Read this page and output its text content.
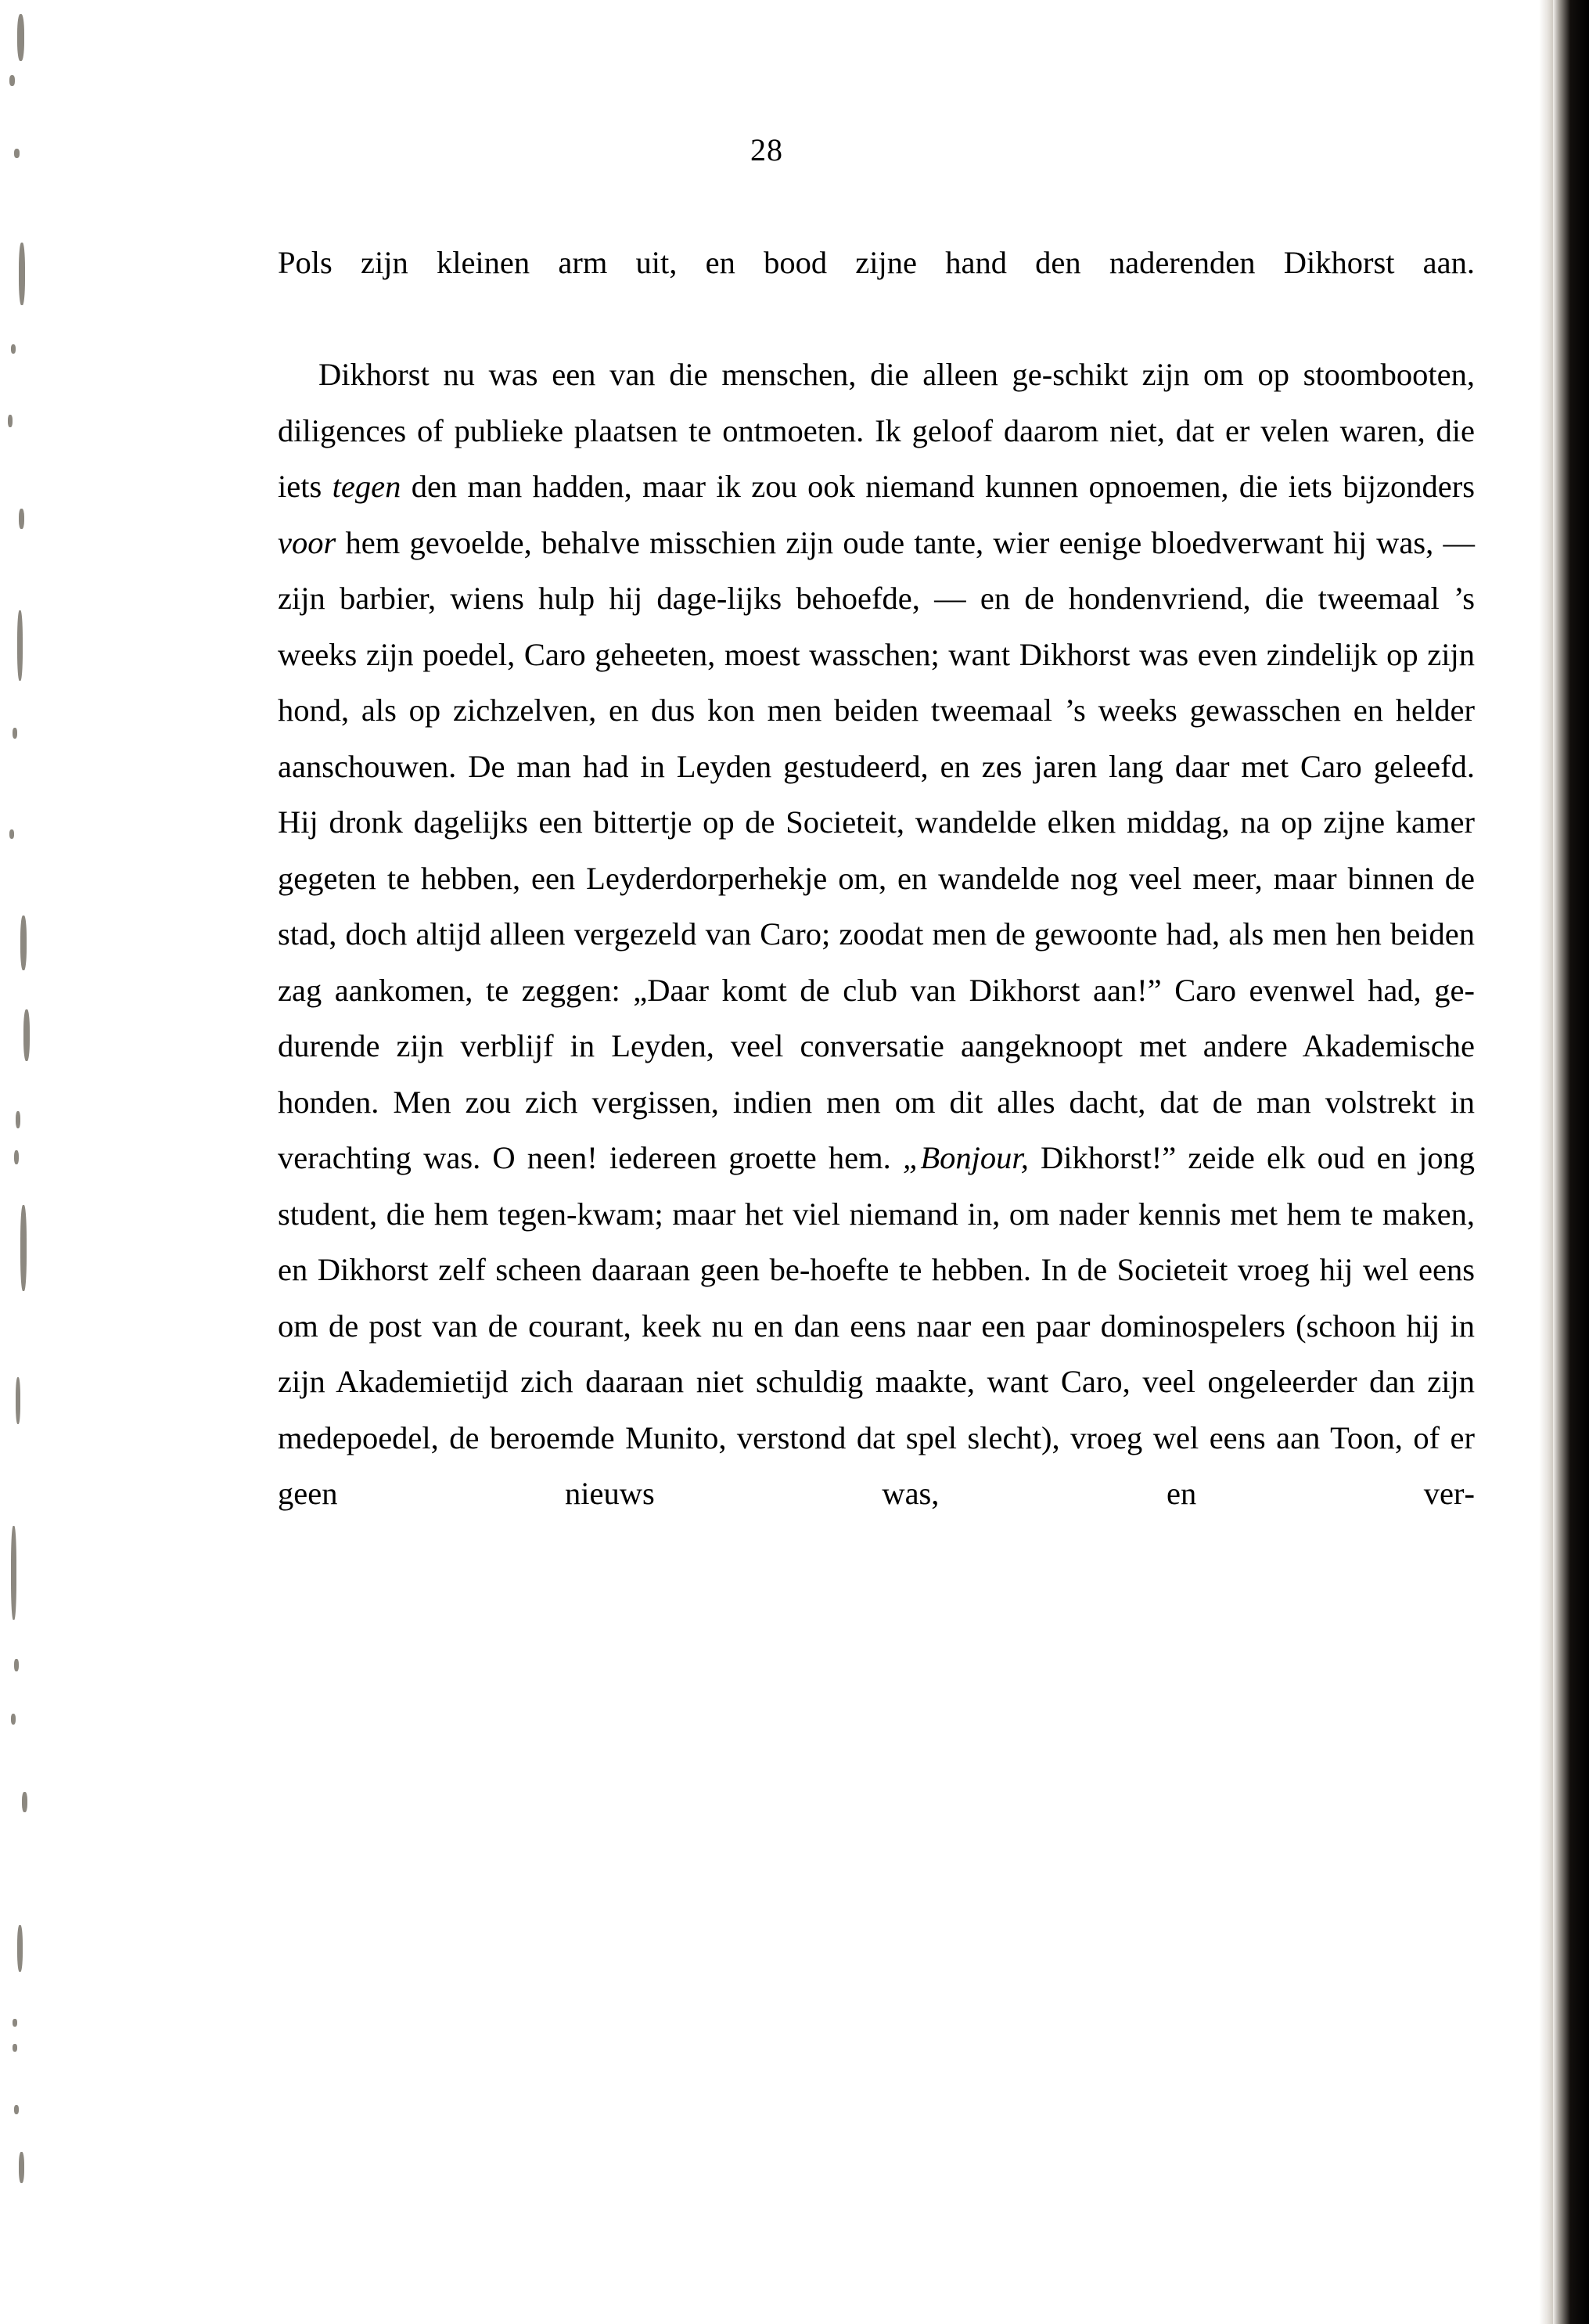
28

Pols zijn kleinen arm uit, en bood zijne hand den naderenden Dikhorst aan.

Dikhorst nu was een van die menschen, die alleen ge‐schikt zijn om op stoombooten, diligences of publieke plaatsen te ontmoeten. Ik geloof daarom niet, dat er velen waren, die iets tegen den man hadden, maar ik zou ook niemand kunnen opnoemen, die iets bijzonders voor hem gevoelde, behalve misschien zijn oude tante, wier eenige bloedverwant hij was, — zijn barbier, wiens hulp hij dage‐lijks behoefde, — en de hondenvriend, die tweemaal ’s weeks zijn poedel, Caro geheeten, moest wasschen; want Dikhorst was even zindelijk op zijn hond, als op zichzelven, en dus kon men beiden tweemaal ’s weeks gewasschen en helder aanschouwen. De man had in Leyden gestudeerd, en zes jaren lang daar met Caro geleefd. Hij dronk dagelijks een bittertje op de Societeit, wandelde elken middag, na op zijne kamer gegeten te hebben, een Leyderdorperhekje om, en wandelde nog veel meer, maar binnen de stad, doch altijd alleen vergezeld van Caro; zoodat men de gewoonte had, als men hen beiden zag aankomen, te zeggen: „Daar komt de club van Dikhorst aan!” Caro evenwel had, ge‐durende zijn verblijf in Leyden, veel conversatie aangeknoopt met andere Akademische honden. Men zou zich vergissen, indien men om dit alles dacht, dat de man volstrekt in verachting was. O neen! iedereen groette hem. „Bonjour, Dikhorst!” zeide elk oud en jong student, die hem tegen‐kwam; maar het viel niemand in, om nader kennis met hem te maken, en Dikhorst zelf scheen daaraan geen be‐hoefte te hebben. In de Societeit vroeg hij wel eens om de post van de courant, keek nu en dan eens naar een paar dominospelers (schoon hij in zijn Akademietijd zich daaraan niet schuldig maakte, want Caro, veel ongeleerder dan zijn medepoedel, de beroemde Munito, verstond dat spel slecht), vroeg wel eens aan Toon, of er geen nieuws was, en ver‐
